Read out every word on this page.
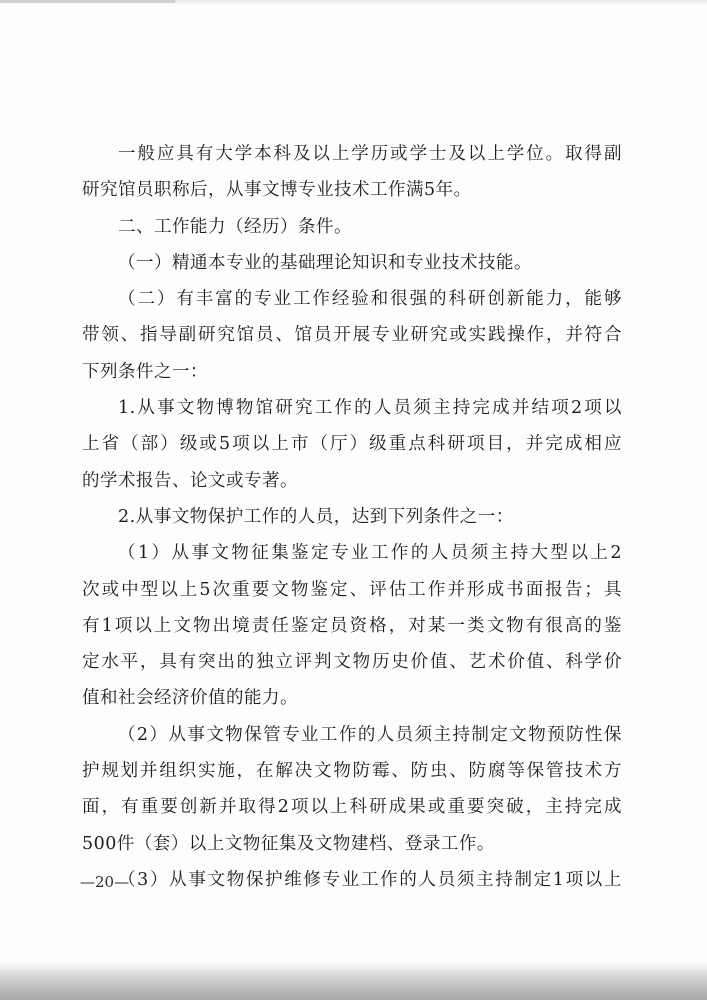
一般应具有大学本科及以上学历或学士及以上学位。取得副
研究馆员职称后，从事文博专业技术工作满5年。
二、工作能力（经历）条件。
（一）精通本专业的基础理论知识和专业技术技能。
（二）有丰富的专业工作经验和很强的科研创新能力，能够
带领、指导副研究馆员、馆员开展专业研究或实践操作，并符合
下列条件之一：
1.从事文物博物馆研究工作的人员须主持完成并结项2项以
上省（部）级或5项以上市（厅）级重点科研项目，并完成相应
的学术报告、论文或专著。
2.从事文物保护工作的人员，达到下列条件之一：
（1）从事文物征集鉴定专业工作的人员须主持大型以上2
次或中型以上5次重要文物鉴定、评估工作并形成书面报告；具
有1项以上文物出境责任鉴定员资格，对某一类文物有很高的鉴
定水平，具有突出的独立评判文物历史价值、艺术价值、科学价
值和社会经济价值的能力。
（2）从事文物保管专业工作的人员须主持制定文物预防性保
护规划并组织实施，在解决文物防霉、防虫、防腐等保管技术方
面，有重要创新并取得2项以上科研成果或重要突破，主持完成
500件（套）以上文物征集及文物建档、登录工作。
（3）从事文物保护维修专业工作的人员须主持制定1项以上
—20—
